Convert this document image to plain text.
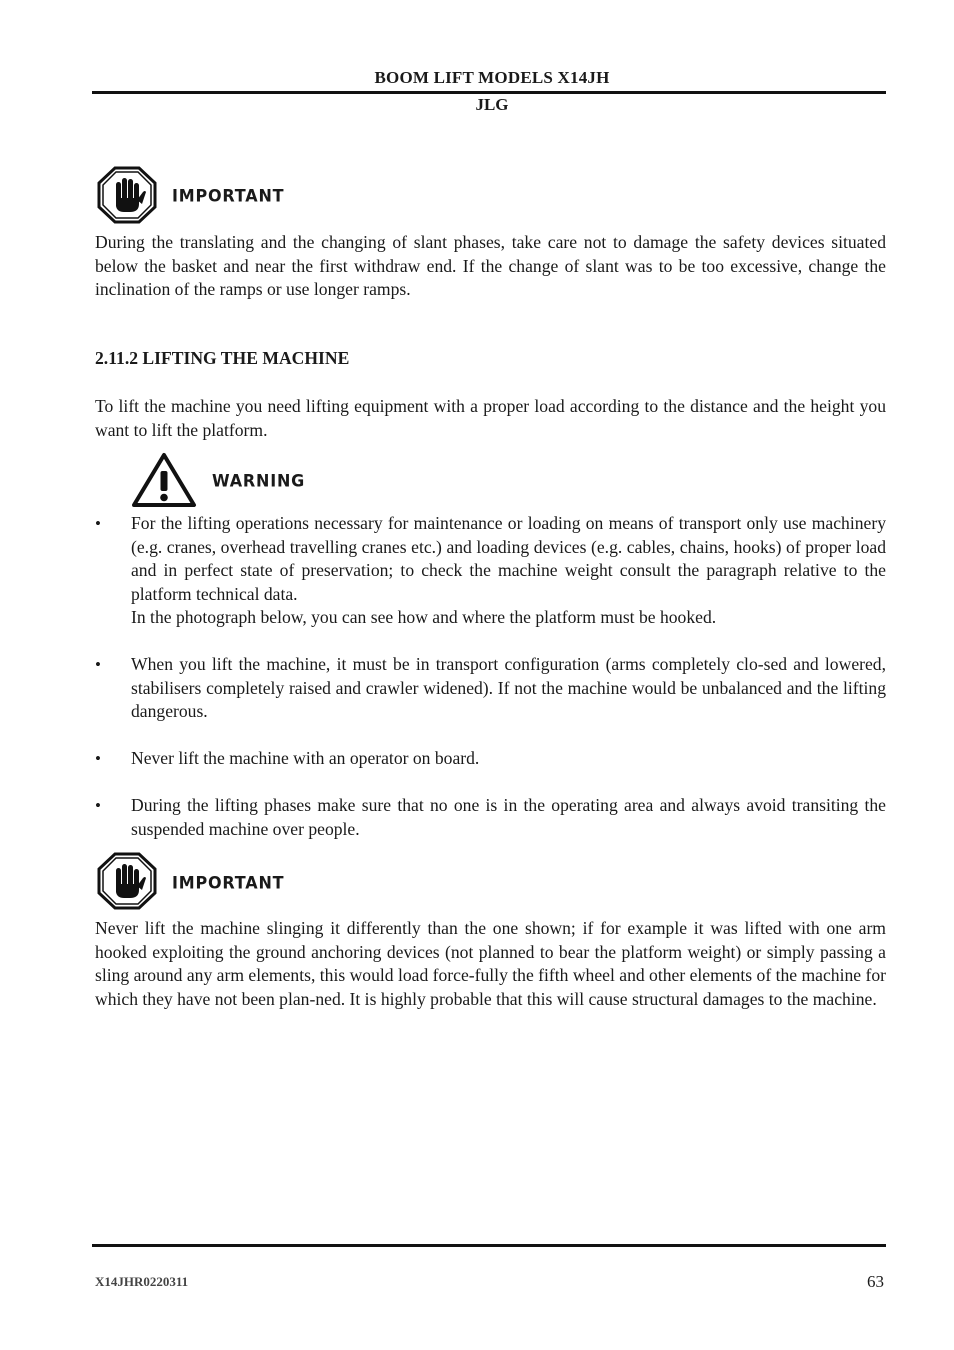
BOOM LIFT MODELS X14JH
JLG
IMPORTANT
During the translating and the changing of slant phases, take care not to damage the safety devices situated below the basket and near the first withdraw end. If the change of slant was to be too excessive, change the inclination of the ramps or use longer ramps.
2.11.2 LIFTING THE MACHINE
To lift the machine you need lifting equipment with a proper load according to the distance and the height you want to lift the platform.
WARNING
• For the lifting operations necessary for maintenance or loading on means of transport only use machinery (e.g. cranes, overhead travelling cranes etc.) and loading devices (e.g. cables, chains, hooks) of proper load and in perfect state of preservation; to check the machine weight consult the paragraph relative to the platform technical data.
In the photograph below, you can see how and where the platform must be hooked.
• When you lift the machine, it must be in transport configuration (arms completely clo-sed and lowered, stabilisers completely raised and crawler widened). If not the machine would be unbalanced and the lifting dangerous.
• Never lift the machine with an operator on board.
• During the lifting phases make sure that no one is in the operating area and always avoid transiting the suspended machine over people.
IMPORTANT
Never lift the machine slinging it differently than the one shown; if for example it was lifted with one arm hooked exploiting the ground anchoring devices (not planned to bear the platform weight) or simply passing a sling around any arm elements, this would load force-fully the fifth wheel and other elements of the machine for which they have not been plan-ned. It is highly probable that this will cause structural damages to the machine.
X14JHR0220311	63
